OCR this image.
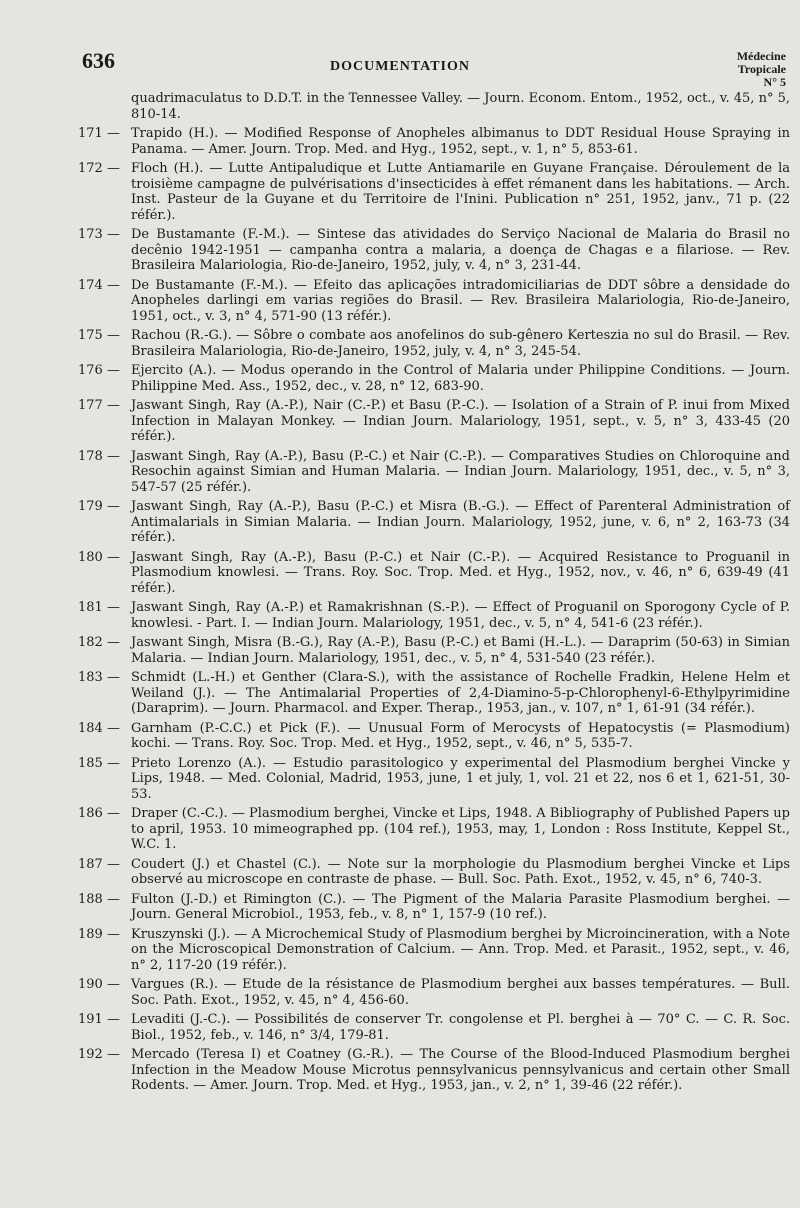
636	DOCUMENTATION
Médecine
Tropicale
N° 5
quadrimaculatus to D.D.T. in the Tennessee Valley. — Journ. Econom. Entom., 1952, oct., v. 45, n° 5, 810-14.
171 — Trapido (H.). — Modified Response of Anopheles albimanus to DDT Residual House Spraying in Panama. — Amer. Journ. Trop. Med. and Hyg., 1952, sept., v. 1, n° 5, 853-61.
172 — Floch (H.). — Lutte Antipaludique et Lutte Antiamarile en Guyane Française. Déroulement de la troisième campagne de pulvérisations d'insecticides à effet rémanent dans les habitations. — Arch. Inst. Pasteur de la Guyane et du Territoire de l'Inini. Publication n° 251, 1952, janv., 71 p. (22 référ.).
173 — De Bustamante (F.-M.). — Sintese das atividades do Serviço Nacional de Malaria do Brasil no decênio 1942-1951 — campanha contra a malaria, a doença de Chagas e a filariose. — Rev. Brasileira Malariologia, Rio-de-Janeiro, 1952, july, v. 4, n° 3, 231-44.
174 — De Bustamante (F.-M.). — Efeito das aplicações intradomiciliarias de DDT sôbre a densidade do Anopheles darlingi em varias regiões do Brasil. — Rev. Brasileira Malariologia, Rio-de-Janeiro, 1951, oct., v. 3, n° 4, 571-90 (13 référ.).
175 — Rachou (R.-G.). — Sôbre o combate aos anofelinos do sub-gênero Kerteszia no sul do Brasil. — Rev. Brasileira Malariologia, Rio-de-Janeiro, 1952, july, v. 4, n° 3, 245-54.
176 — Ejercito (A.). — Modus operando in the Control of Malaria under Philippine Conditions. — Journ. Philippine Med. Ass., 1952, dec., v. 28, n° 12, 683-90.
177 — Jaswant Singh, Ray (A.-P.), Nair (C.-P.) et Basu (P.-C.). — Isolation of a Strain of P. inui from Mixed Infection in Malayan Monkey. — Indian Journ. Malariology, 1951, sept., v. 5, n° 3, 433-45 (20 référ.).
178 — Jaswant Singh, Ray (A.-P.), Basu (P.-C.) et Nair (C.-P.). — Comparatives Studies on Chloroquine and Resochin against Simian and Human Malaria. — Indian Journ. Malariology, 1951, dec., v. 5, n° 3, 547-57 (25 référ.).
179 — Jaswant Singh, Ray (A.-P.), Basu (P.-C.) et Misra (B.-G.). — Effect of Parenteral Administration of Antimalarials in Simian Malaria. — Indian Journ. Malariology, 1952, june, v. 6, n° 2, 163-73 (34 référ.).
180 — Jaswant Singh, Ray (A.-P.), Basu (P.-C.) et Nair (C.-P.). — Acquired Resistance to Proguanil in Plasmodium knowlesi. — Trans. Roy. Soc. Trop. Med. et Hyg., 1952, nov., v. 46, n° 6, 639-49 (41 référ.).
181 — Jaswant Singh, Ray (A.-P.) et Ramakrishnan (S.-P.). — Effect of Proguanil on Sporogony Cycle of P. knowlesi. - Part. I. — Indian Journ. Malariology, 1951, dec., v. 5, n° 4, 541-6 (23 référ.).
182 — Jaswant Singh, Misra (B.-G.), Ray (A.-P.), Basu (P.-C.) et Bami (H.-L.). — Daraprim (50-63) in Simian Malaria. — Indian Journ. Malariology, 1951, dec., v. 5, n° 4, 531-540 (23 référ.).
183 — Schmidt (L.-H.) et Genther (Clara-S.), with the assistance of Rochelle Fradkin, Helene Helm et Weiland (J.). — The Antimalarial Properties of 2,4-Diamino-5-p-Chlorophenyl-6-Ethylpyrimidine (Daraprim). — Journ. Pharmacol. and Exper. Therap., 1953, jan., v. 107, n° 1, 61-91 (34 référ.).
184 — Garnham (P.-C.C.) et Pick (F.). — Unusual Form of Merocysts of Hepatocystis (= Plasmodium) kochi. — Trans. Roy. Soc. Trop. Med. et Hyg., 1952, sept., v. 46, n° 5, 535-7.
185 — Prieto Lorenzo (A.). — Estudio parasitologico y experimental del Plasmodium berghei Vincke y Lips, 1948. — Med. Colonial, Madrid, 1953, june, 1 et july, 1, vol. 21 et 22, nos 6 et 1, 621-51, 30-53.
186 — Draper (C.-C.). — Plasmodium berghei, Vincke et Lips, 1948. A Bibliography of Published Papers up to april, 1953. 10 mimeographed pp. (104 ref.), 1953, may, 1, London : Ross Institute, Keppel St., W.C. 1.
187 — Coudert (J.) et Chastel (C.). — Note sur la morphologie du Plasmodium berghei Vincke et Lips observé au microscope en contraste de phase. — Bull. Soc. Path. Exot., 1952, v. 45, n° 6, 740-3.
188 — Fulton (J.-D.) et Rimington (C.). — The Pigment of the Malaria Parasite Plasmodium berghei. — Journ. General Microbiol., 1953, feb., v. 8, n° 1, 157-9 (10 ref.).
189 — Kruszynski (J.). — A Microchemical Study of Plasmodium berghei by Microincineration, with a Note on the Microscopical Demonstration of Calcium. — Ann. Trop. Med. et Parasit., 1952, sept., v. 46, n° 2, 117-20 (19 référ.).
190 — Vargues (R.). — Etude de la résistance de Plasmodium berghei aux basses températures. — Bull. Soc. Path. Exot., 1952, v. 45, n° 4, 456-60.
191 — Levaditi (J.-C.). — Possibilités de conserver Tr. congolense et Pl. berghei à — 70° C. — C. R. Soc. Biol., 1952, feb., v. 146, n° 3/4, 179-81.
192 — Mercado (Teresa I) et Coatney (G.-R.). — The Course of the Blood-Induced Plasmodium berghei Infection in the Meadow Mouse Microtus pennsylvanicus pennsylvanicus and certain other Small Rodents. — Amer. Journ. Trop. Med. et Hyg., 1953, jan., v. 2, n° 1, 39-46 (22 référ.).
